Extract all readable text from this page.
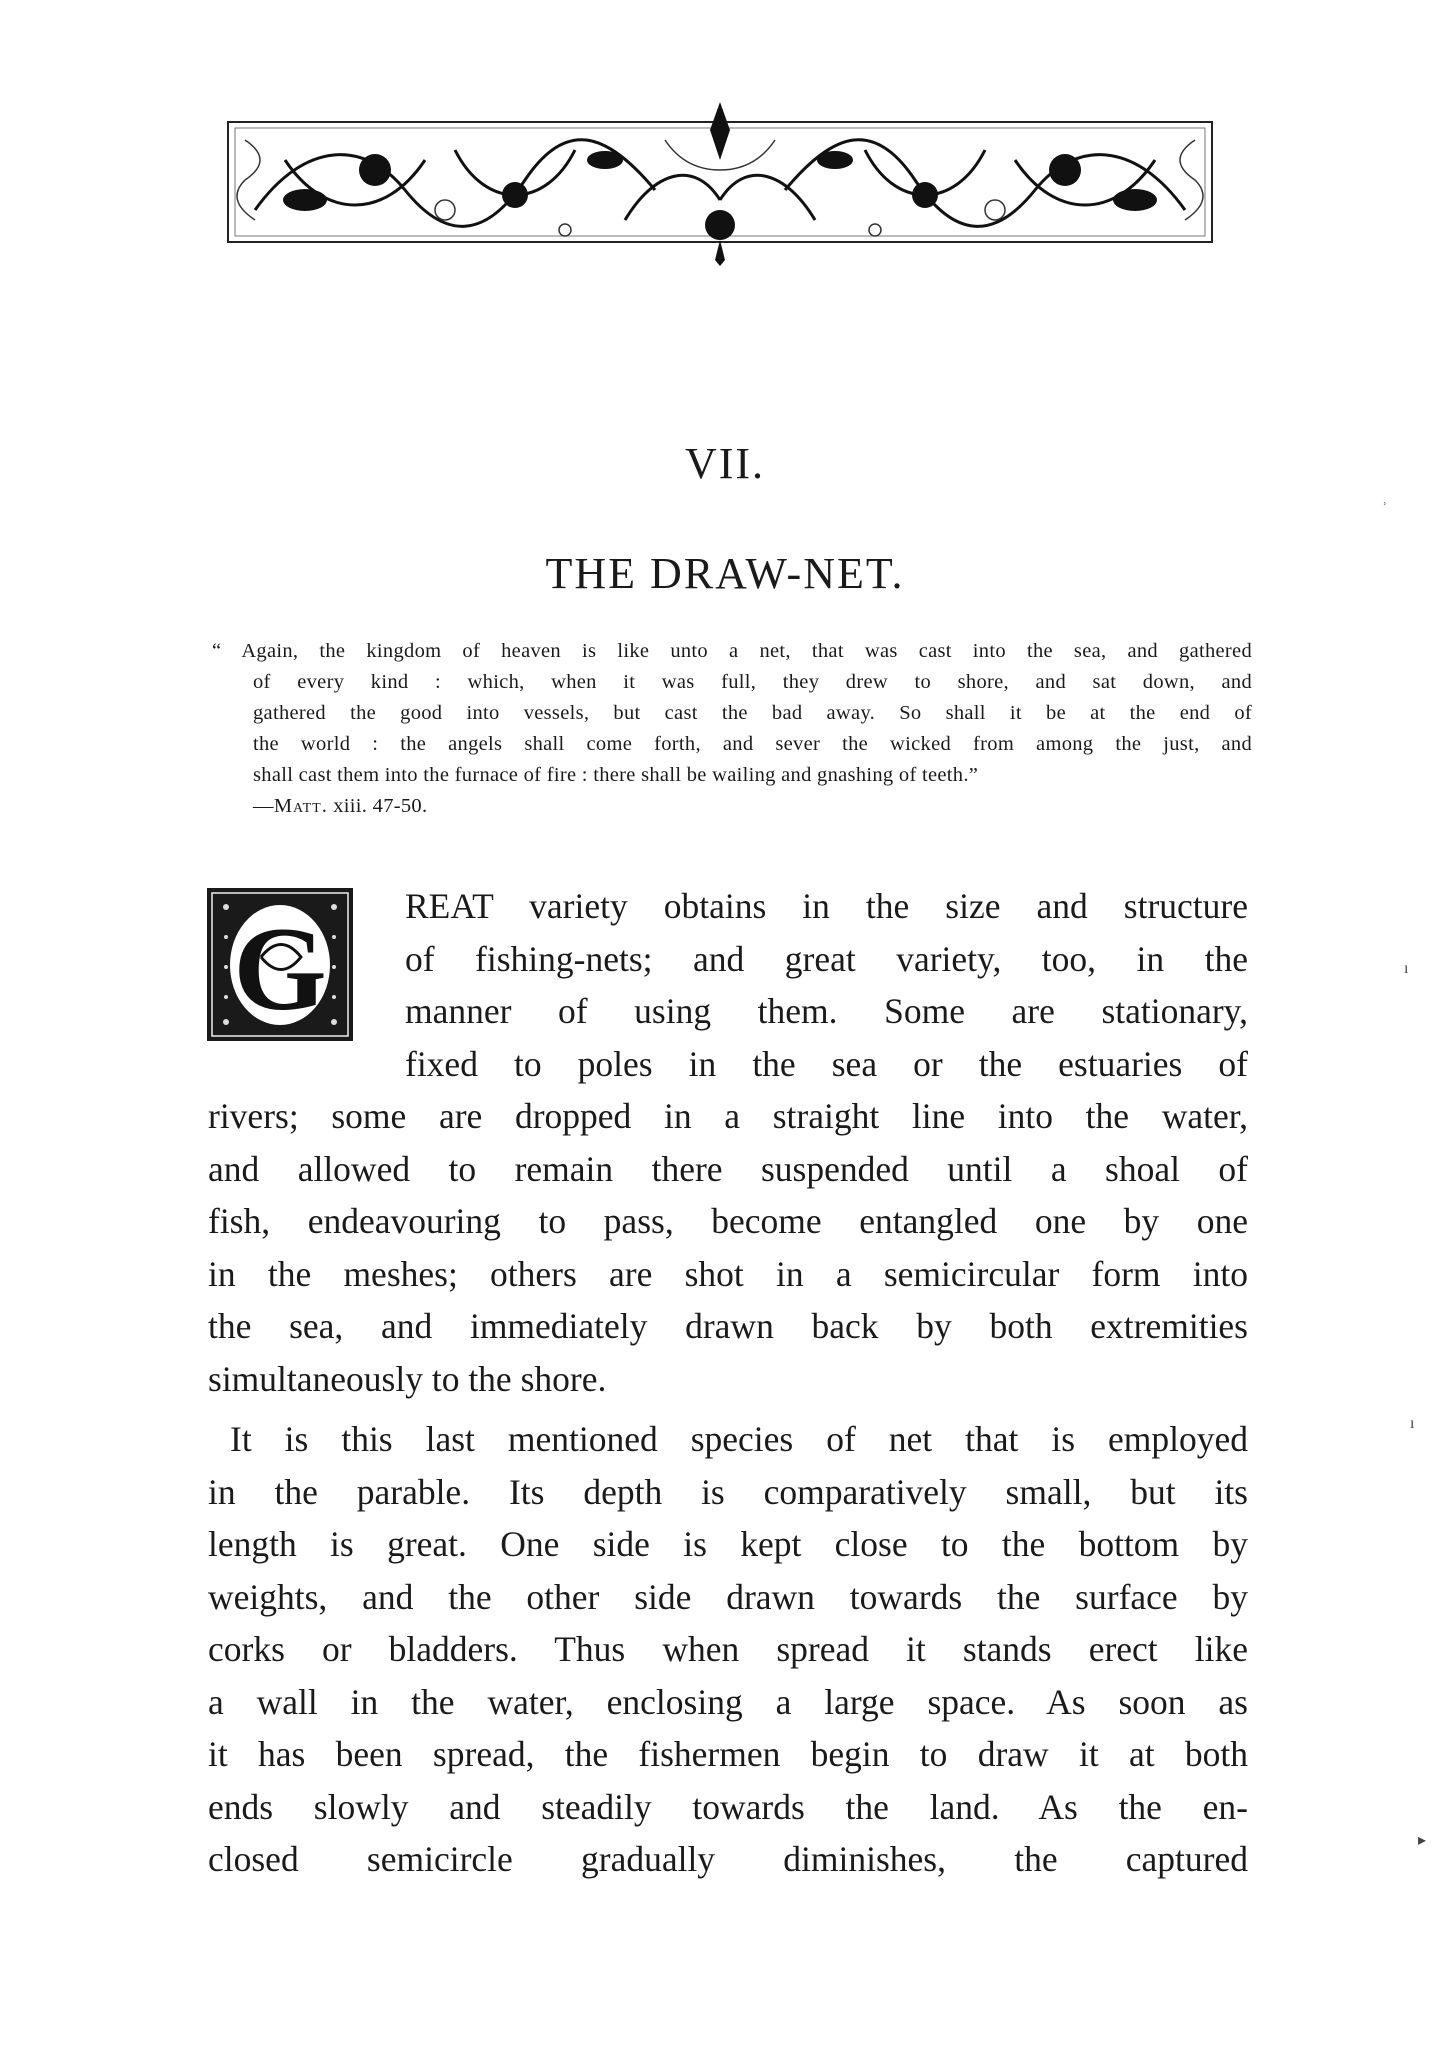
VII.
THE DRAW-NET.
“ Again, the kingdom of heaven is like unto a net, that was cast into the sea, and gathered
of every kind : which, when it was full, they drew to shore, and sat down, and
gathered the good into vessels, but cast the bad away. So shall it be at the end of
the world : the angels shall come forth, and sever the wicked from among the just, and
shall cast them into the furnace of fire : there shall be wailing and gnashing of teeth.”
—Matt. xiii. 47-50.
G	REAT variety obtains in the size and structure
of fishing-nets; and great variety, too, in the
manner of using them. Some are stationary,
fixed to poles in the sea or the estuaries of
rivers; some are dropped in a straight line into the water,
and allowed to remain there suspended until a shoal of
fish, endeavouring to pass, become entangled one by one
in the meshes; others are shot in a semicircular form into
the sea, and immediately drawn back by both extremities
simultaneously to the shore.
It is this last mentioned species of net that is employed
in the parable. Its depth is comparatively small, but its
length is great. One side is kept close to the bottom by
weights, and the other side drawn towards the surface by
corks or bladders. Thus when spread it stands erect like
a wall in the water, enclosing a large space. As soon as
it has been spread, the fishermen begin to draw it at both
ends slowly and steadily towards the land. As the en-
closed semicircle gradually diminishes, the captured
˒
ı
ı
▸
